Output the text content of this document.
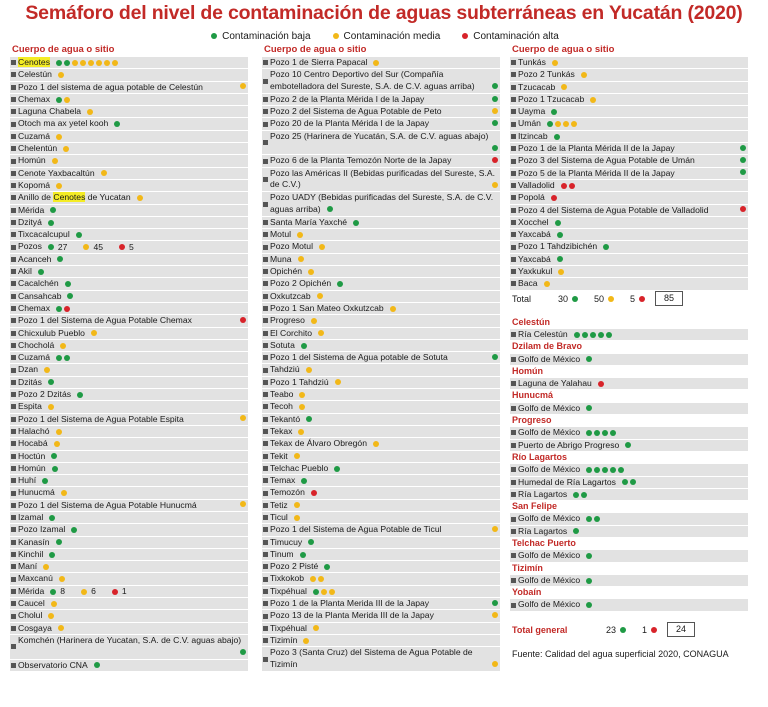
Semáforo del nivel de contaminación de aguas subterráneas en Yucatán (2020)
Contaminación baja	Contaminación media	Contaminación alta
Cuerpo de agua o sitio
Cenotes
Celestún
Pozo 1 del sistema de agua potable de Celestún
Chemax
Laguna Chabela
Otoch ma ax yetel kooh
Cuzamá
Chelentún
Homún
Cenote Yaxbacaltún
Kopomá
Anillo de Cenotes de Yucatan
Mérida
Dzityá
Tixcacalcupul
Pozos 27	45	5
Acanceh
Akil
Cacalchén
Cansahcab
Chemax
Pozo 1 del Sistema de Agua Potable Chemax
Chicxulub Pueblo
Chocholá
Cuzamá
Dzan
Dzitás
Pozo 2 Dzitás
Espita
Pozo 1 del Sistema de Agua Potable Espita
Halachó
Hocabá
Hoctún
Homún
Huhí
Hunucmá
Pozo 1 del Sistema de Agua Potable Hunucmá
Izamal
Pozo Izamal
Kanasín
Kinchil
Maní
Maxcanú
Mérida 8	6	1
Caucel
Cholul
Cosgaya
Komchén (Harinera de Yucatan, S.A. de C.V. aguas abajo)
Observatorio CNA
Cuerpo de agua o sitio
Pozo 1 de Sierra Papacal
Pozo 10 Centro Deportivo del Sur (Compañía embotelladora del Sureste, S.A. de C.V. aguas arriba)
Pozo 2 de la Planta Mérida I de la Japay
Pozo 2 del Sistema de Agua Potable de Peto
Pozo 20 de la Planta Mérida I de la Japay
Pozo 25 (Harinera de Yucatán, S.A. de C.V. aguas abajo)
Pozo 6 de la Planta Temozón Norte de la Japay
Pozo las Américas II (Bebidas purificadas del Sureste, S.A. de C.V.)
Pozo UADY (Bebidas purificadas del Sureste, S.A. de C.V. aguas arriba)
Santa María Yaxché
Motul
Pozo Motul
Muna
Opichén
Pozo 2 Opichén
Oxkutzcab
Pozo 1 San Mateo Oxkutzcab
Progreso
El Corchito
Sotuta
Pozo 1 del Sistema de Agua potable de Sotuta
Tahdziú
Pozo 1 Tahdziú
Teabo
Tecoh
Tekantó
Tekax
Tekax de Álvaro Obregón
Tekit
Telchac Pueblo
Temax
Temozón
Tetiz
Ticul
Pozo 1 del Sistema de Agua Potable de Ticul
Timucuy
Tinum
Pozo 2 Pisté
Tixkokob
Tixpéhual
Pozo 1 de la Planta Merida III de la Japay
Pozo 13 de la Planta Merida III de la Japay
Tixpéhual
Tizimín
Pozo 3 (Santa Cruz) del Sistema de Agua Potable de Tizimín
Cuerpo de agua o sitio
Tunkás
Pozo 2 Tunkás
Tzucacab
Pozo 1 Tzucacab
Uayma
Umán
Itzincab
Pozo 1 de la Planta Mérida II de la Japay
Pozo 3 del Sistema de Agua Potable de Umán
Pozo 5 de la Planta Mérida II de la Japay
Valladolid
Popolá
Pozo 4 del Sistema de Agua Potable de Valladolid
Xocchel
Yaxcabá
Pozo 1 Tahdzibichén
Yaxcabá
Yaxkukul
Baca
Total	30	50	5	85
Celestún
Ría Celestún
Dzilam de Bravo
Golfo de México
Homún
Laguna de Yalahau
Hunucmá
Golfo de México
Progreso
Golfo de México
Puerto de Abrigo Progreso
Río Lagartos
Golfo de México
Humedal de Ría Lagartos
Ría Lagartos
San Felipe
Golfo de México
Ría Lagartos
Telchac Puerto
Golfo de México
Tizimín
Golfo de México
Yobaín
Golfo de México
Total general	23	1	24
Fuente: Calidad del agua superficial 2020, CONAGUA
